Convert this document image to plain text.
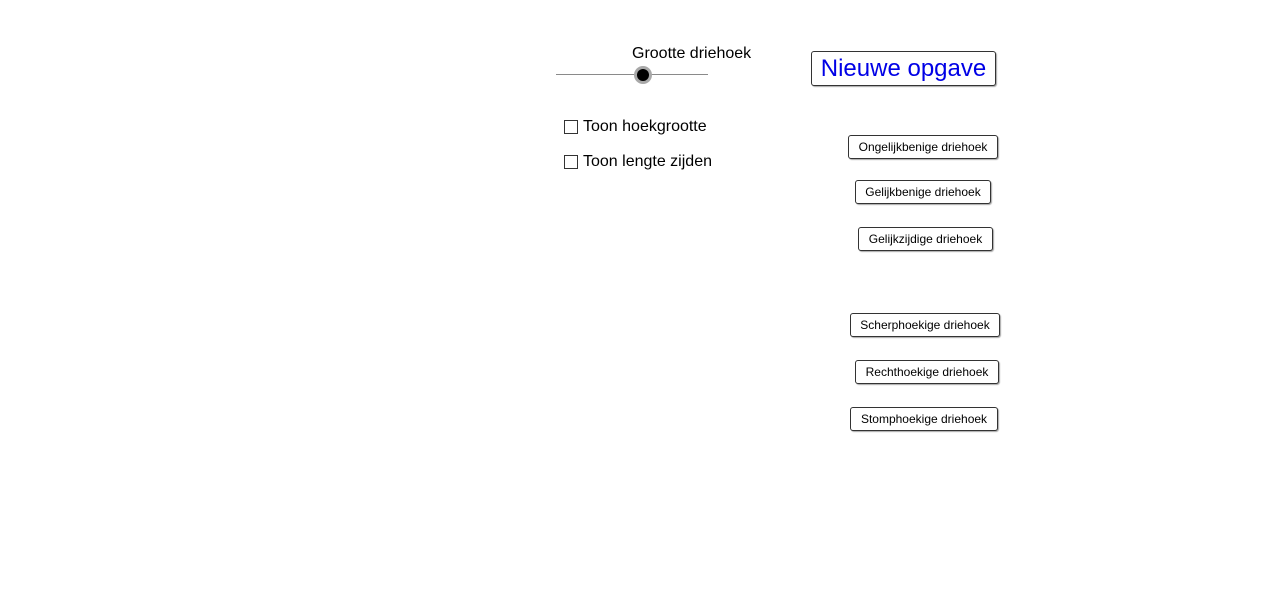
Grootte driehoek
Toon hoekgrootte
Toon lengte zijden
Nieuwe opgave
Ongelijkbenige driehoek
Gelijkbenige driehoek
Gelijkzijdige driehoek
Scherphoekige driehoek
Rechthoekige driehoek
Stomphoekige driehoek
